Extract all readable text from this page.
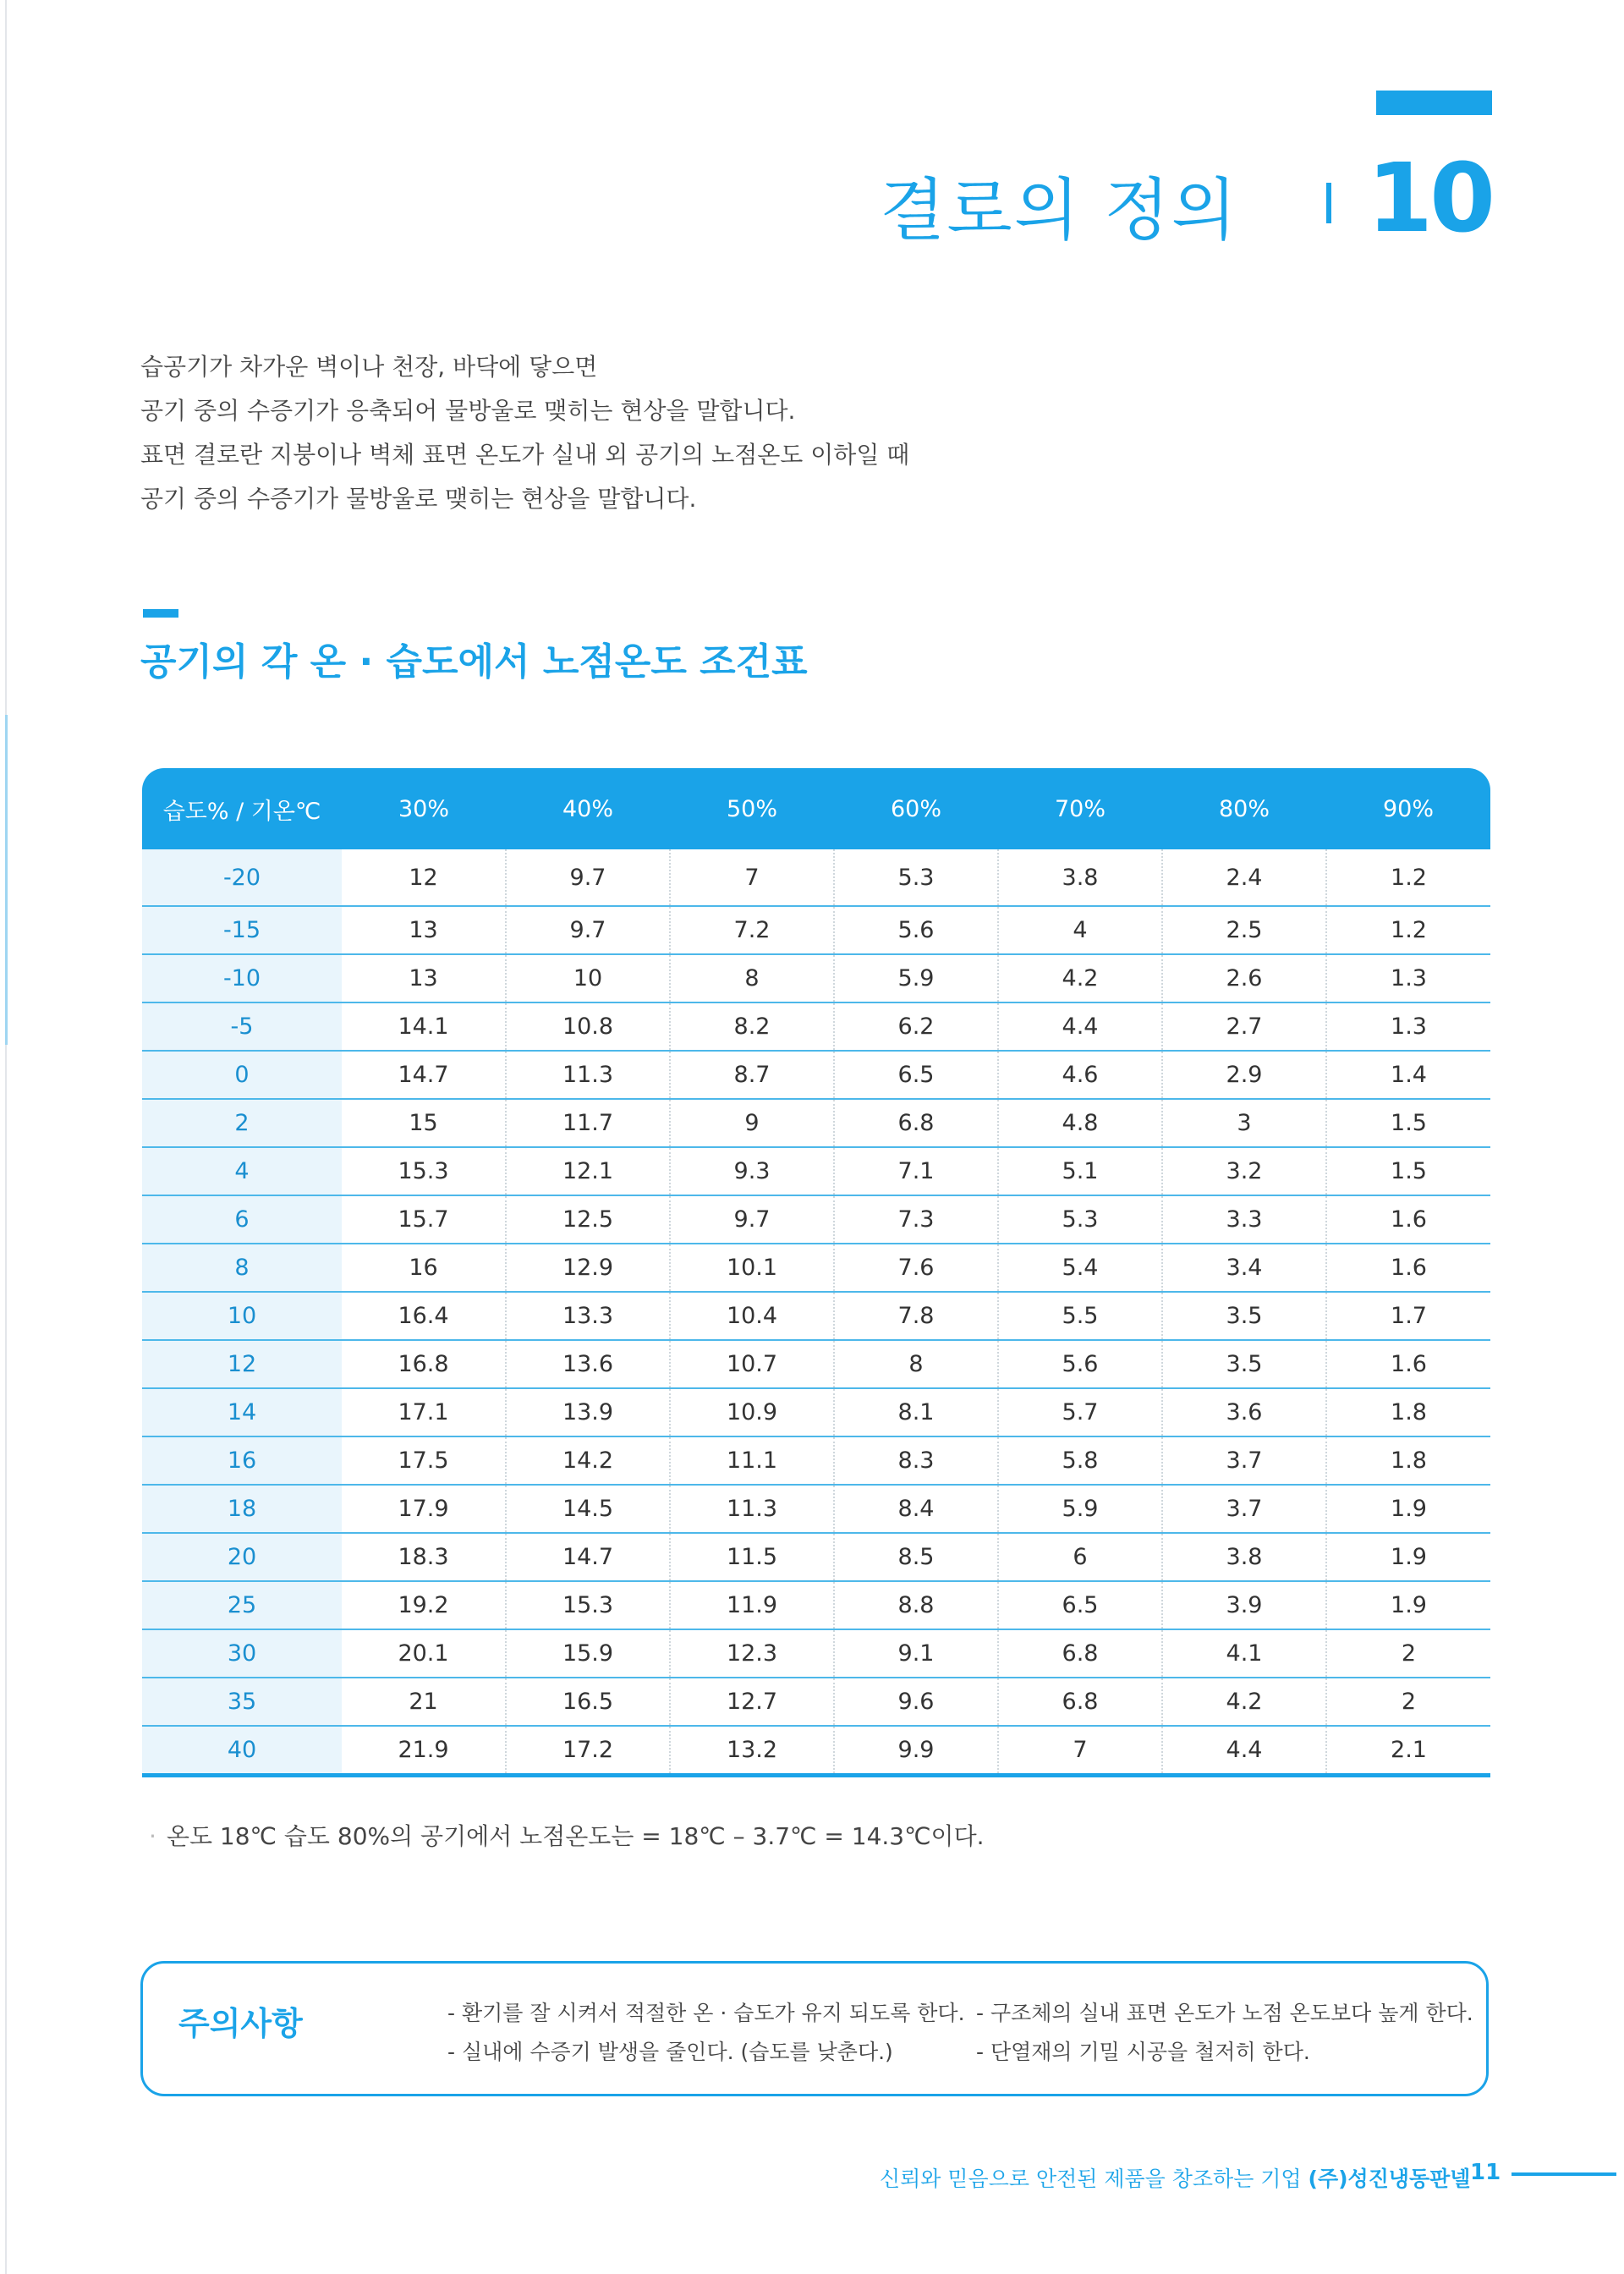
결로의 정의 10

습공기가 차가운 벽이나 천장, 바닥에 닿으면

공기 중의 수증기가 응축되어 물방울로 맺히는 현상을 말합니다.

표면 결로란 지붕이나 벽체 표면 온도가 실내 외 공기의 노점온도 이하일 때

공기 중의 수증기가 물방울로 맺히는 현상을 말합니다.

공기의 각 온 · 습도에서 노점온도 조건표
습도% / 기온℃	30%	40%	50%	60%	70%	80%	90%
-20	12	9.7	7	5.3	3.8	2.4	1.2
-15	13	9.7	7.2	5.6	4	2.5	1.2
-10	13	10	8	5.9	4.2	2.6	1.3
-5	14.1	10.8	8.2	6.2	4.4	2.7	1.3
0	14.7	11.3	8.7	6.5	4.6	2.9	1.4
2	15	11.7	9	6.8	4.8	3	1.5
4	15.3	12.1	9.3	7.1	5.1	3.2	1.5
6	15.7	12.5	9.7	7.3	5.3	3.3	1.6
8	16	12.9	10.1	7.6	5.4	3.4	1.6
10	16.4	13.3	10.4	7.8	5.5	3.5	1.7
12	16.8	13.6	10.7	8	5.6	3.5	1.6
14	17.1	13.9	10.9	8.1	5.7	3.6	1.8
16	17.5	14.2	11.1	8.3	5.8	3.7	1.8
18	17.9	14.5	11.3	8.4	5.9	3.7	1.9
20	18.3	14.7	11.5	8.5	6	3.8	1.9
25	19.2	15.3	11.9	8.8	6.5	3.9	1.9
30	20.1	15.9	12.3	9.1	6.8	4.1	2
35	21	16.5	12.7	9.6	6.8	4.2	2
40	21.9	17.2	13.2	9.9	7	4.4	2.1
· 온도 18℃ 습도 80%의 공기에서 노점온도는 = 18℃ – 3.7℃ = 14.3℃이다.
주의사항	- 환기를 잘 시켜서 적절한 온 · 습도가 유지 되도록 한다.
- 실내에 수증기 발생을 줄인다. (습도를 낮춘다.)
- 구조체의 실내 표면 온도가 노점 온도보다 높게 한다.
- 단열재의 기밀 시공을 철저히 한다.
신뢰와 믿음으로 안전된 제품을 창조하는 기업 (주)성진냉동판넬 11
